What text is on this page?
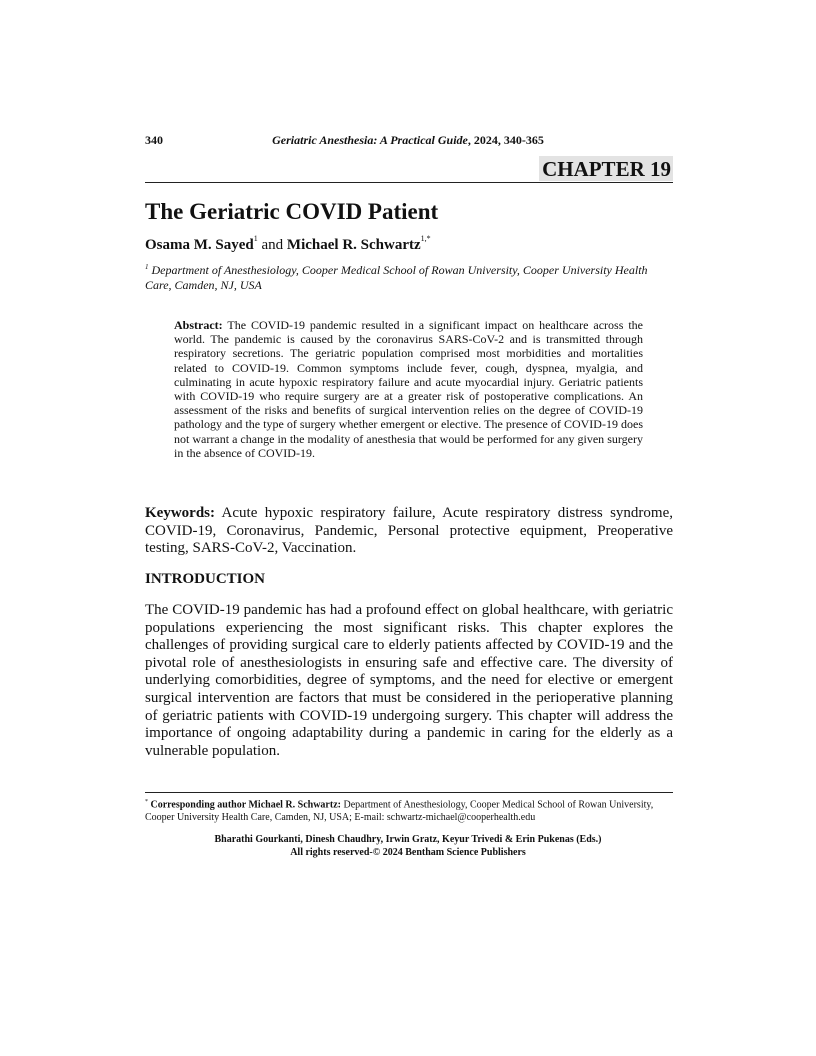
340	Geriatric Anesthesia: A Practical Guide, 2024, 340-365
CHAPTER 19
The Geriatric COVID Patient
Osama M. Sayed$^1$ and Michael R. Schwartz$^{1,*}$
$^1$ Department of Anesthesiology, Cooper Medical School of Rowan University, Cooper University Health Care, Camden, NJ, USA
Abstract: The COVID-19 pandemic resulted in a significant impact on healthcare across the world. The pandemic is caused by the coronavirus SARS-CoV-2 and is transmitted through respiratory secretions. The geriatric population comprised most morbidities and mortalities related to COVID-19. Common symptoms include fever, cough, dyspnea, myalgia, and culminating in acute hypoxic respiratory failure and acute myocardial injury. Geriatric patients with COVID-19 who require surgery are at a greater risk of postoperative complications. An assessment of the risks and benefits of surgical intervention relies on the degree of COVID-19 pathology and the type of surgery whether emergent or elective. The presence of COVID-19 does not warrant a change in the modality of anesthesia that would be performed for any given surgery in the absence of COVID-19.
Keywords: Acute hypoxic respiratory failure, Acute respiratory distress syndrome, COVID-19, Coronavirus, Pandemic, Personal protective equipment, Preoperative testing, SARS-CoV-2, Vaccination.
INTRODUCTION
The COVID-19 pandemic has had a profound effect on global healthcare, with geriatric populations experiencing the most significant risks. This chapter explores the challenges of providing surgical care to elderly patients affected by COVID-19 and the pivotal role of anesthesiologists in ensuring safe and effective care. The diversity of underlying comorbidities, degree of symptoms, and the need for elective or emergent surgical intervention are factors that must be considered in the perioperative planning of geriatric patients with COVID-19 undergoing surgery. This chapter will address the importance of ongoing adaptability during a pandemic in caring for the elderly as a vulnerable population.
* Corresponding author Michael R. Schwartz: Department of Anesthesiology, Cooper Medical School of Rowan University, Cooper University Health Care, Camden, NJ, USA; E-mail: schwartz-michael@cooperhealth.edu
Bharathi Gourkanti, Dinesh Chaudhry, Irwin Gratz, Keyur Trivedi & Erin Pukenas (Eds.)
All rights reserved-© 2024 Bentham Science Publishers
